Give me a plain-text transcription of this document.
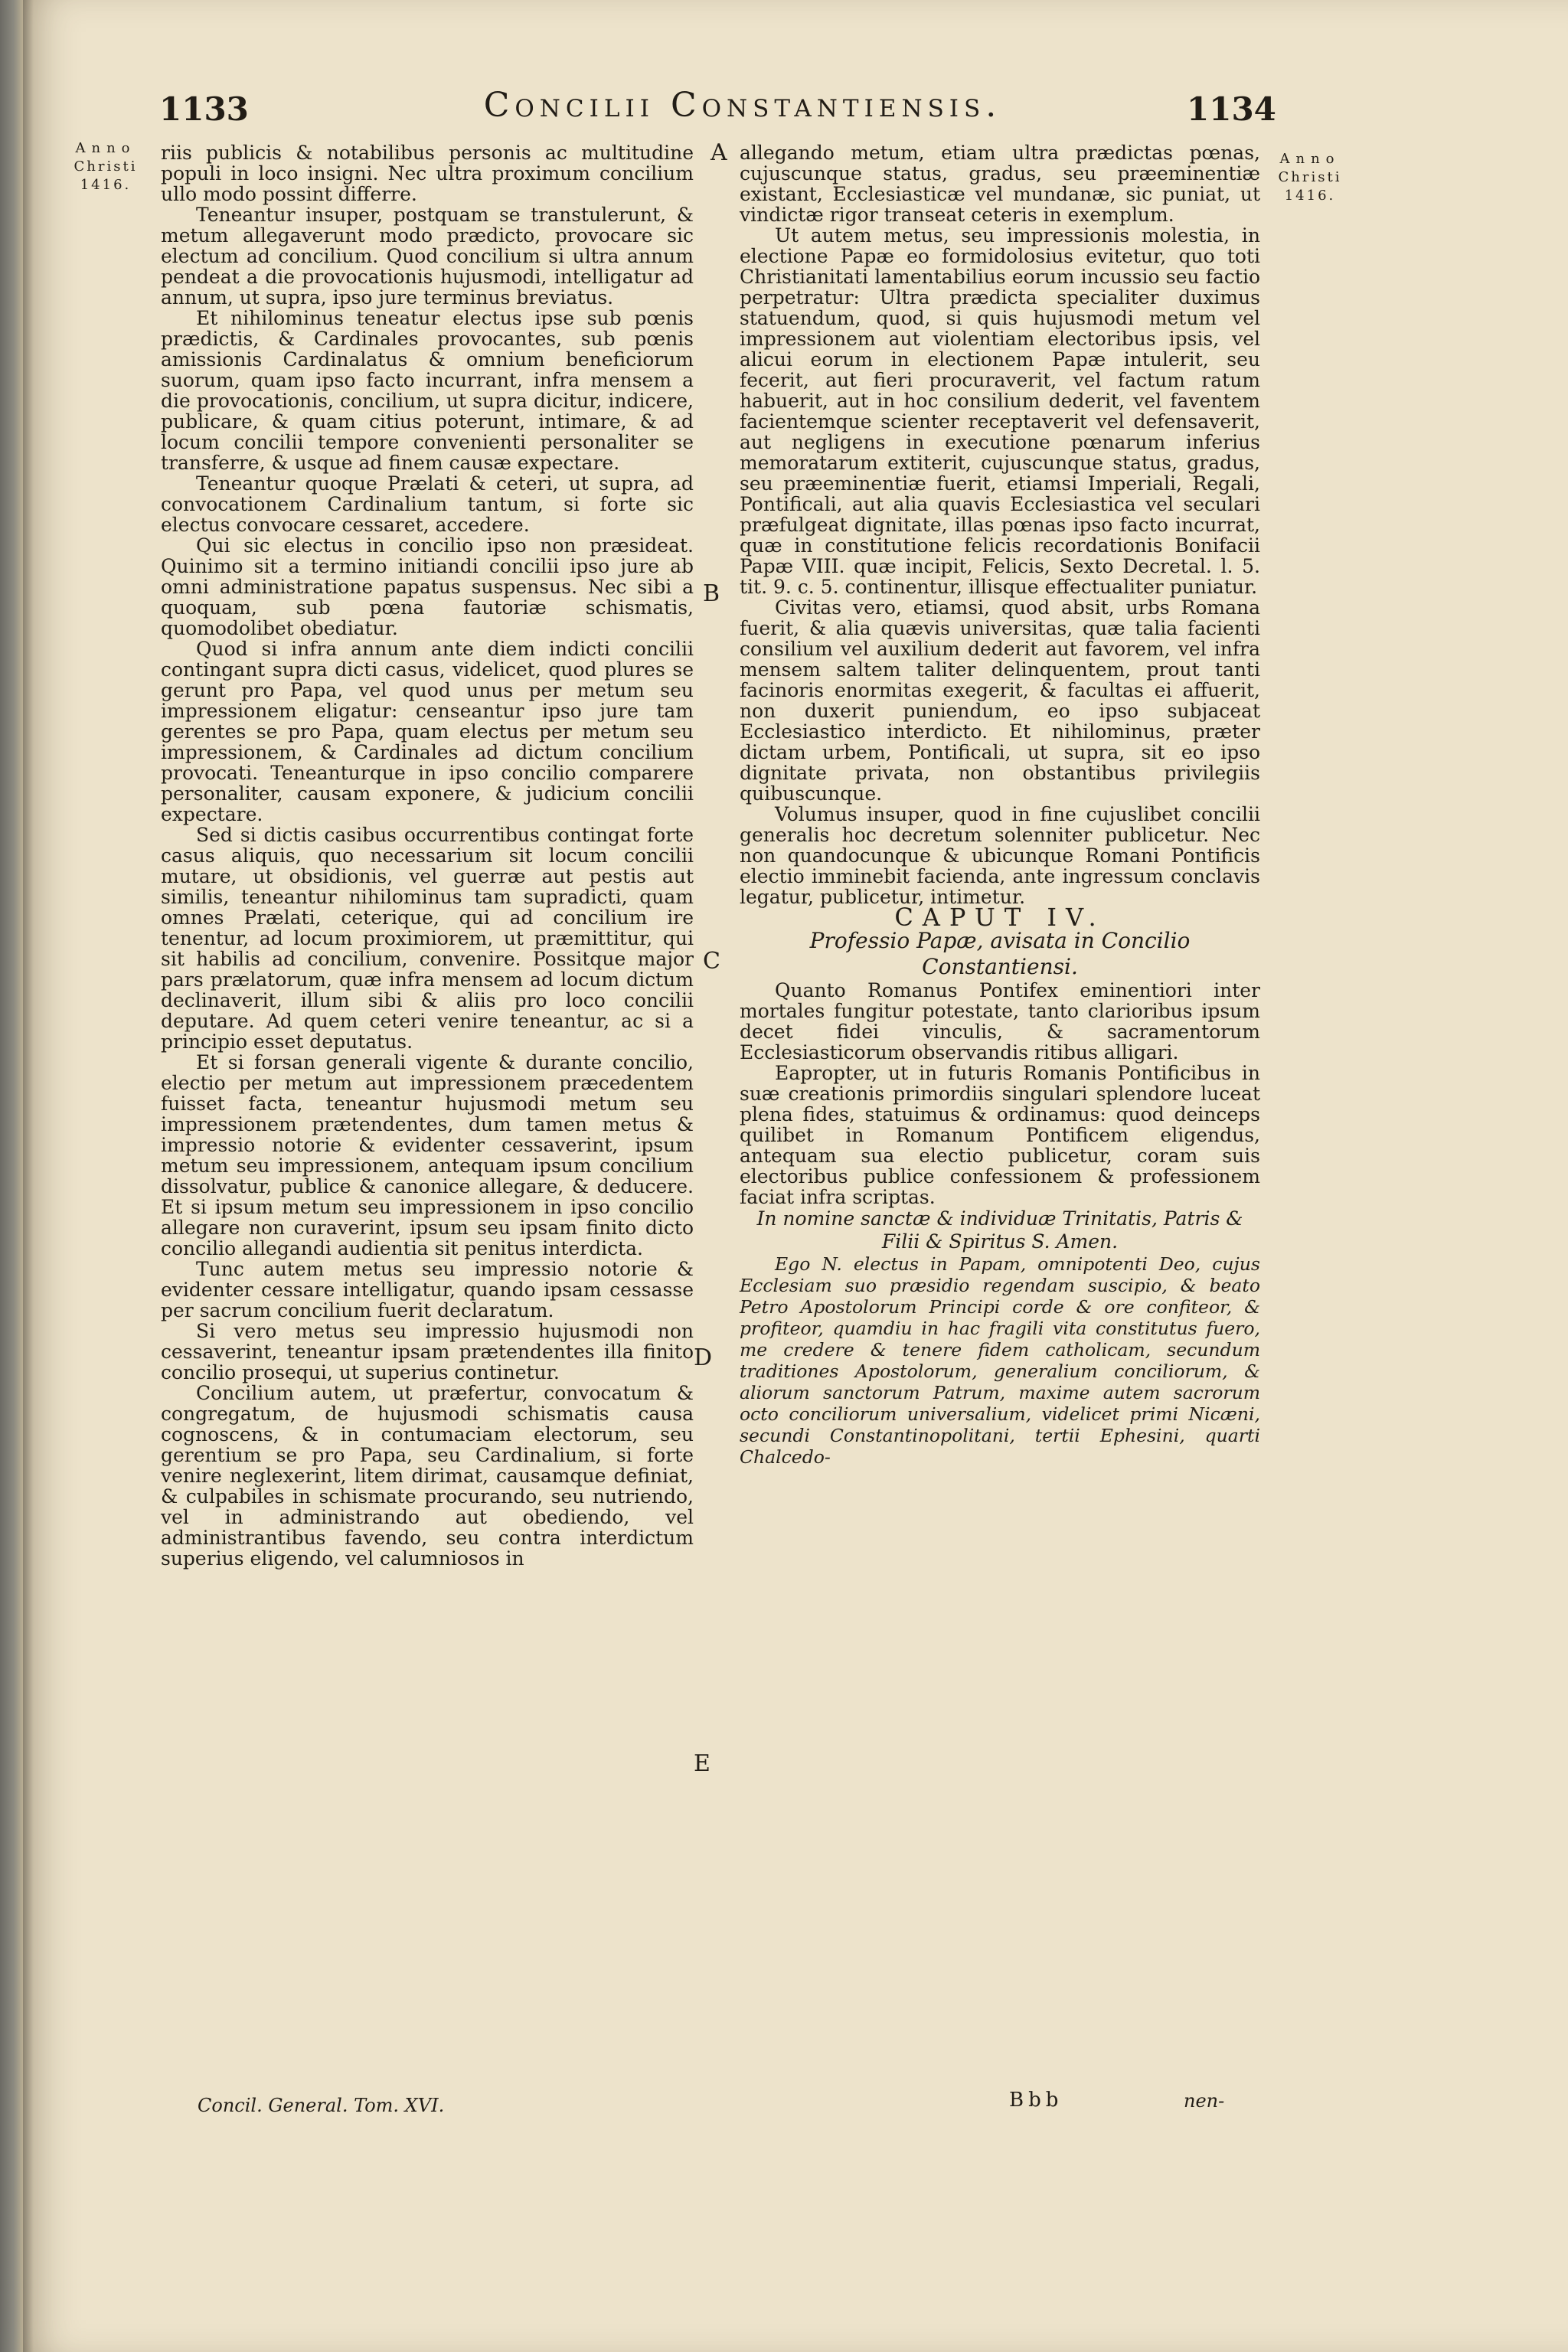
1133	Concilii Constantiensis.	1134
Anno
Christi
1416.
Anno
Christi
1416.
A
B
C
D
E

riis publicis & notabilibus personis ac multitudine populi in loco insigni. Nec ultra proximum concilium ullo modo possint differre.

Teneantur insuper, postquam se transtulerunt, & metum allegaverunt modo prædicto, provocare sic electum ad concilium. Quod concilium si ultra annum pendeat a die provocationis hujusmodi, intelligatur ad annum, ut supra, ipso jure terminus breviatus.

Et nihilominus teneatur electus ipse sub pœnis prædictis, & Cardinales provocantes, sub pœnis amissionis Cardinalatus & omnium beneficiorum suorum, quam ipso facto incurrant, infra mensem a die provocationis, concilium, ut supra dicitur, indicere, publicare, & quam citius poterunt, intimare, & ad locum concilii tempore convenienti personaliter se transferre, & usque ad finem causæ expectare.

Teneantur quoque Prælati & ceteri, ut supra, ad convocationem Cardinalium tantum, si forte sic electus convocare cessaret, accedere.

Qui sic electus in concilio ipso non præsideat. Quinimo sit a termino initiandi concilii ipso jure ab omni administratione papatus suspensus. Nec sibi a quoquam, sub pœna fautoriæ schismatis, quomodolibet obediatur.

Quod si infra annum ante diem indicti concilii contingant supra dicti casus, videlicet, quod plures se gerunt pro Papa, vel quod unus per metum seu impressionem eligatur: censeantur ipso jure tam gerentes se pro Papa, quam electus per metum seu impressionem, & Cardinales ad dictum concilium provocati. Teneanturque in ipso concilio comparere personaliter, causam exponere, & judicium concilii expectare.

Sed si dictis casibus occurrentibus contingat forte casus aliquis, quo necessarium sit locum concilii mutare, ut obsidionis, vel guerræ aut pestis aut similis, teneantur nihilominus tam supradicti, quam omnes Prælati, ceterique, qui ad concilium ire tenentur, ad locum proximiorem, ut præmittitur, qui sit habilis ad concilium, convenire. Possitque major pars prælatorum, quæ infra mensem ad locum dictum declinaverit, illum sibi & aliis pro loco concilii deputare. Ad quem ceteri venire teneantur, ac si a principio esset deputatus.

Et si forsan generali vigente & durante concilio, electio per metum aut impressionem præcedentem fuisset facta, teneantur hujusmodi metum seu impressionem prætendentes, dum tamen metus & impressio notorie & evidenter cessaverint, ipsum metum seu impressionem, antequam ipsum concilium dissolvatur, publice & canonice allegare, & deducere. Et si ipsum metum seu impressionem in ipso concilio allegare non curaverint, ipsum seu ipsam finito dicto concilio allegandi audientia sit penitus interdicta.

Tunc autem metus seu impressio notorie & evidenter cessare intelligatur, quando ipsam cessasse per sacrum concilium fuerit declaratum.

Si vero metus seu impressio hujusmodi non cessaverint, teneantur ipsam prætendentes illa finito concilio prosequi, ut superius continetur.

Concilium autem, ut præfertur, convocatum & congregatum, de hujusmodi schismatis causa cognoscens, & in contumaciam electorum, seu gerentium se pro Papa, seu Cardinalium, si forte venire neglexerint, litem dirimat, causamque definiat, & culpabiles in schismate procurando, seu nutriendo, vel in administrando aut obediendo, vel administrantibus favendo, seu contra interdictum superius eligendo, vel calumniosos in

Concil. General. Tom. XVI.

allegando metum, etiam ultra prædictas pœnas, cujuscunque status, gradus, seu præeminentiæ existant, Ecclesiasticæ vel mundanæ, sic puniat, ut vindictæ rigor transeat ceteris in exemplum.

Ut autem metus, seu impressionis molestia, in electione Papæ eo formidolosius evitetur, quo toti Christianitati lamentabilius eorum incussio seu factio perpetratur: Ultra prædicta specialiter duximus statuendum, quod, si quis hujusmodi metum vel impressionem aut violentiam electoribus ipsis, vel alicui eorum in electionem Papæ intulerit, seu fecerit, aut fieri procuraverit, vel factum ratum habuerit, aut in hoc consilium dederit, vel faventem facientemque scienter receptaverit vel defensaverit, aut negligens in executione pœnarum inferius memoratarum extiterit, cujuscunque status, gradus, seu præeminentiæ fuerit, etiamsi Imperiali, Regali, Pontificali, aut alia quavis Ecclesiastica vel seculari præfulgeat dignitate, illas pœnas ipso facto incurrat, quæ in constitutione felicis recordationis Bonifacii Papæ VIII. quæ incipit, Felicis, Sexto Decretal. l. 5. tit. 9. c. 5. continentur, illisque effectualiter puniatur.

Civitas vero, etiamsi, quod absit, urbs Romana fuerit, & alia quævis universitas, quæ talia facienti consilium vel auxilium dederit aut favorem, vel infra mensem saltem taliter delinquentem, prout tanti facinoris enormitas exegerit, & facultas ei affuerit, non duxerit puniendum, eo ipso subjaceat Ecclesiastico interdicto. Et nihilominus, præter dictam urbem, Pontificali, ut supra, sit eo ipso dignitate privata, non obstantibus privilegiis quibuscunque.

Volumus insuper, quod in fine cujuslibet concilii generalis hoc decretum solenniter publicetur. Nec non quandocunque & ubicunque Romani Pontificis electio imminebit facienda, ante ingressum conclavis legatur, publicetur, intimetur.

CAPUT IV.

Professio Papæ, avisata in Concilio Constantiensi.

Quanto Romanus Pontifex eminentiori inter mortales fungitur potestate, tanto clarioribus ipsum decet fidei vinculis, & sacramentorum Ecclesiasticorum observandis ritibus alligari.

Eapropter, ut in futuris Romanis Pontificibus in suæ creationis primordiis singulari splendore luceat plena fides, statuimus & ordinamus: quod deinceps quilibet in Romanum Pontificem eligendus, antequam sua electio publicetur, coram suis electoribus publice confessionem & professionem faciat infra scriptas.

In nomine sanctæ & individuæ Trinitatis, Patris & Filii & Spiritus S. Amen.

Ego N. electus in Papam, omnipotenti Deo, cujus Ecclesiam suo præsidio regendam suscipio, & beato Petro Apostolorum Principi corde & ore confiteor, & profiteor, quamdiu in hac fragili vita constitutus fuero, me credere & tenere fidem catholicam, secundum traditiones Apostolorum, generalium conciliorum, & aliorum sanctorum Patrum, maxime autem sacrorum octo conciliorum universalium, videlicet primi Nicæni, secundi Constantinopolitani, tertii Ephesini, quarti Chalcedo-

Bbb	nen-
